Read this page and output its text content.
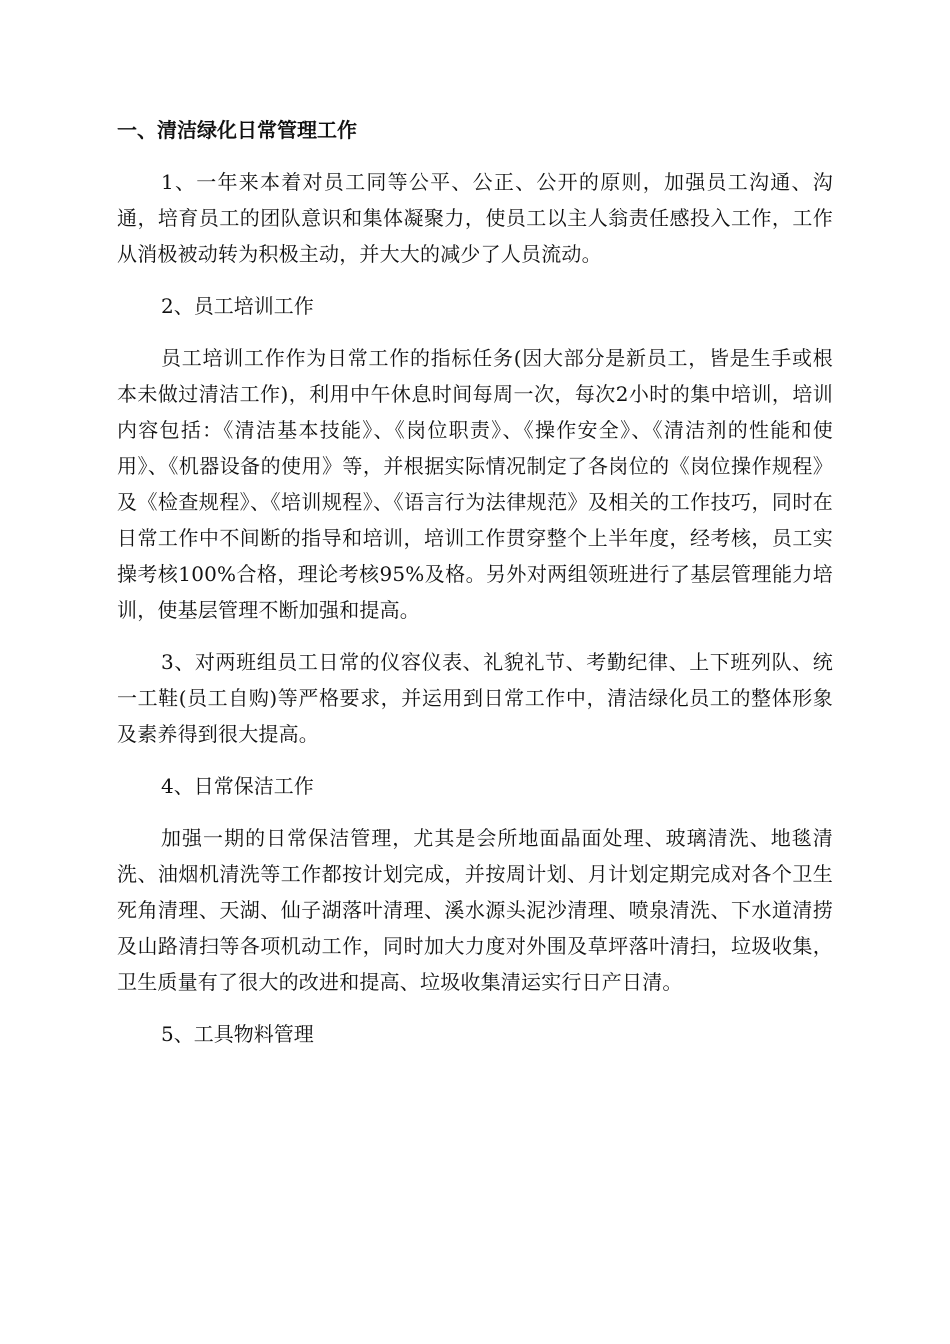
一、清洁绿化日常管理工作

1、一年来本着对员工同等公平、公正、公开的原则，加强员工沟通、沟通，培育员工的团队意识和集体凝聚力，使员工以主人翁责任感投入工作，工作从消极被动转为积极主动，并大大的减少了人员流动。

2、员工培训工作

员工培训工作作为日常工作的指标任务(因大部分是新员工，皆是生手或根本未做过清洁工作)，利用中午休息时间每周一次，每次2小时的集中培训，培训内容包括：《清洁基本技能》、《岗位职责》、《操作安全》、《清洁剂的性能和使用》、《机器设备的使用》等，并根据实际情况制定了各岗位的《岗位操作规程》及《检查规程》、《培训规程》、《语言行为法律规范》及相关的工作技巧，同时在日常工作中不间断的指导和培训，培训工作贯穿整个上半年度，经考核，员工实操考核100%合格，理论考核95%及格。另外对两组领班进行了基层管理能力培训，使基层管理不断加强和提高。

3、对两班组员工日常的仪容仪表、礼貌礼节、考勤纪律、上下班列队、统一工鞋(员工自购)等严格要求，并运用到日常工作中，清洁绿化员工的整体形象及素养得到很大提高。

4、日常保洁工作

加强一期的日常保洁管理，尤其是会所地面晶面处理、玻璃清洗、地毯清洗、油烟机清洗等工作都按计划完成，并按周计划、月计划定期完成对各个卫生死角清理、天湖、仙子湖落叶清理、溪水源头泥沙清理、喷泉清洗、下水道清捞及山路清扫等各项机动工作，同时加大力度对外围及草坪落叶清扫，垃圾收集，卫生质量有了很大的改进和提高、垃圾收集清运实行日产日清。

5、工具物料管理
